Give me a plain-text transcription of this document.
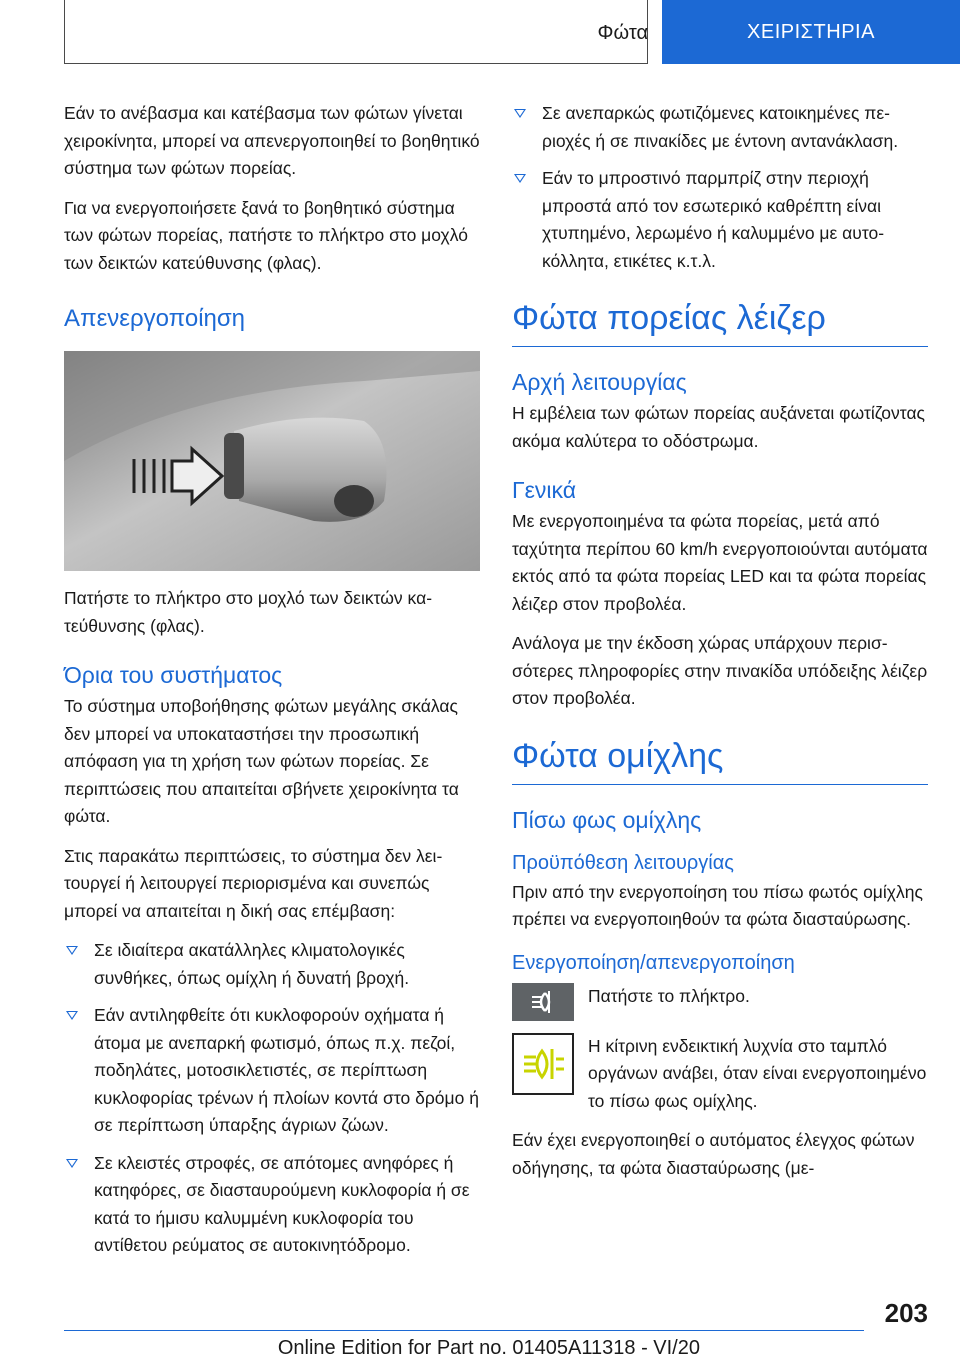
Φώτα	ΧΕΙΡΙΣΤΗΡΙΑ

Εάν το ανέβασμα και κατέβασμα των φώτων γίνεται χειροκίνητα, μπορεί να απενεργοποιηθεί το βοηθητικό σύστημα των φώτων πορείας.

Για να ενεργοποιήσετε ξανά το βοηθητικό σύστημα των φώτων πορείας, πατήστε το πλήκτρο στο μοχλό των δεικτών κατεύθυνσης (φλας).

Απενεργοποίηση

Πατήστε το πλήκτρο στο μοχλό των δεικτών κατεύθυνσης (φλας).

Όρια του συστήματος

Το σύστημα υποβοήθησης φώτων μεγάλης σκάλας δεν μπορεί να υποκαταστήσει την προσωπική απόφαση για τη χρήση των φώτων πορείας. Σε περιπτώσεις που απαιτείται σβήνετε χειροκίνητα τα φώτα.

Στις παρακάτω περιπτώσεις, το σύστημα δεν λειτουργεί ή λειτουργεί περιορισμένα και συνεπώς μπορεί να απαιτείται η δική σας επέμβαση:

Σε ιδιαίτερα ακατάλληλες κλιματολογικές συνθήκες, όπως ομίχλη ή δυνατή βροχή.
Εάν αντιληφθείτε ότι κυκλοφορούν οχήματα ή άτομα με ανεπαρκή φωτισμό, όπως π.χ. πεζοί, ποδηλάτες, μοτοσικλετιστές, σε περίπτωση κυκλοφορίας τρένων ή πλοίων κοντά στο δρόμο ή σε περίπτωση ύπαρξης άγριων ζώων.
Σε κλειστές στροφές, σε απότομες ανηφόρες ή κατηφόρες, σε διασταυρούμενη κυκλοφορία ή σε κατά το ήμισυ καλυμμένη κυκλοφορία του αντίθετου ρεύματος σε αυτοκινητόδρομο.
Σε ανεπαρκώς φωτιζόμενες κατοικημένες περιοχές ή σε πινακίδες με έντονη αντανάκλαση.
Εάν το μπροστινό παρμπρίζ στην περιοχή μπροστά από τον εσωτερικό καθρέπτη είναι χτυπημένο, λερωμένο ή καλυμμένο με αυτοκόλλητα, ετικέτες κ.τ.λ.
Φώτα πορείας λέιζερ
Αρχή λειτουργίας

Η εμβέλεια των φώτων πορείας αυξάνεται φωτίζοντας ακόμα καλύτερα το οδόστρωμα.

Γενικά

Με ενεργοποιημένα τα φώτα πορείας, μετά από ταχύτητα περίπου 60 km/h ενεργοποιούνται αυτόματα εκτός από τα φώτα πορείας LED και τα φώτα πορείας λέιζερ στον προβολέα.

Ανάλογα με την έκδοση χώρας υπάρχουν περισσότερες πληροφορίες στην πινακίδα υπόδειξης λέιζερ στον προβολέα.

Φώτα ομίχλης
Πίσω φως ομίχλης
Προϋπόθεση λειτουργίας

Πριν από την ενεργοποίηση του πίσω φωτός ομίχλης πρέπει να ενεργοποιηθούν τα φώτα διασταύρωσης.

Ενεργοποίηση/απενεργοποίηση

Πατήστε το πλήκτρο.

Η κίτρινη ενδεικτική λυχνία στο ταμπλό οργάνων ανάβει, όταν είναι ενεργοποιημένο το πίσω φως ομίχλης.

Εάν έχει ενεργοποιηθεί ο αυτόματος έλεγχος φώτων οδήγησης, τα φώτα διασταύρωσης (με-

203
Online Edition for Part no. 01405A11318 - VI/20
